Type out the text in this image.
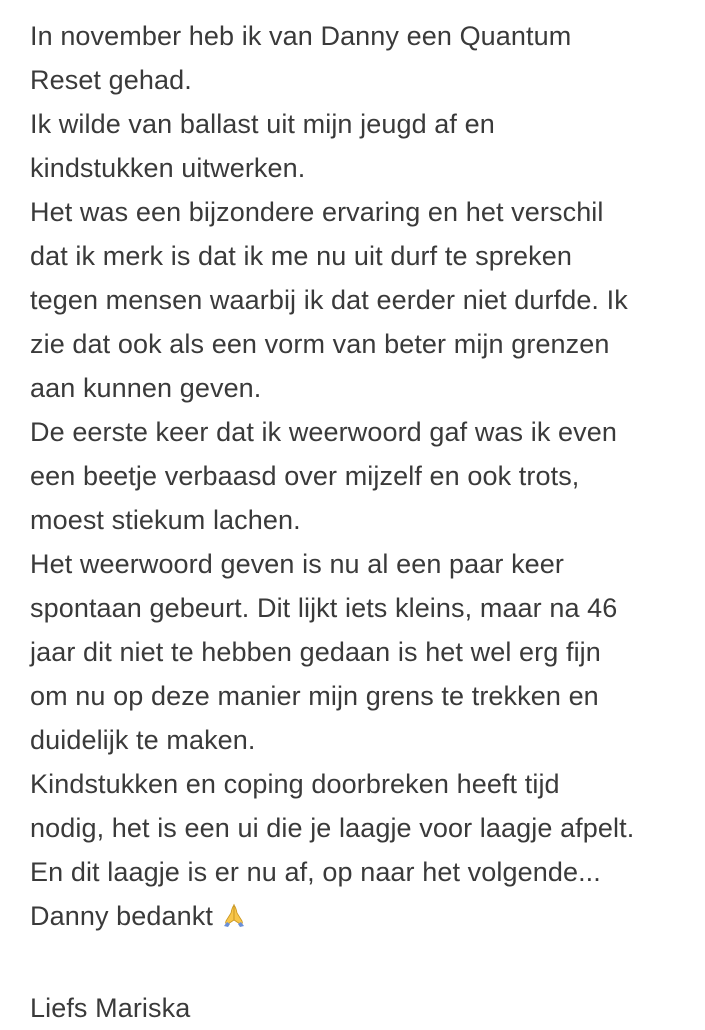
In november heb ik van Danny een Quantum
Reset gehad.
Ik wilde van ballast uit mijn jeugd af en
kindstukken uitwerken.
Het was een bijzondere ervaring en het verschil
dat ik merk is dat ik me nu uit durf te spreken
tegen mensen waarbij ik dat eerder niet durfde. Ik
zie dat ook als een vorm van beter mijn grenzen
aan kunnen geven.
De eerste keer dat ik weerwoord gaf was ik even
een beetje verbaasd over mijzelf en ook trots,
moest stiekum lachen.
Het weerwoord geven is nu al een paar keer
spontaan gebeurt. Dit lijkt iets kleins, maar na 46
jaar dit niet te hebben gedaan is het wel erg fijn
om nu op deze manier mijn grens te trekken en
duidelijk te maken.
Kindstukken en coping doorbreken heeft tijd
nodig, het is een ui die je laagje voor laagje afpelt.
En dit laagje is er nu af, op naar het volgende...
Danny bedankt
Liefs Mariska
